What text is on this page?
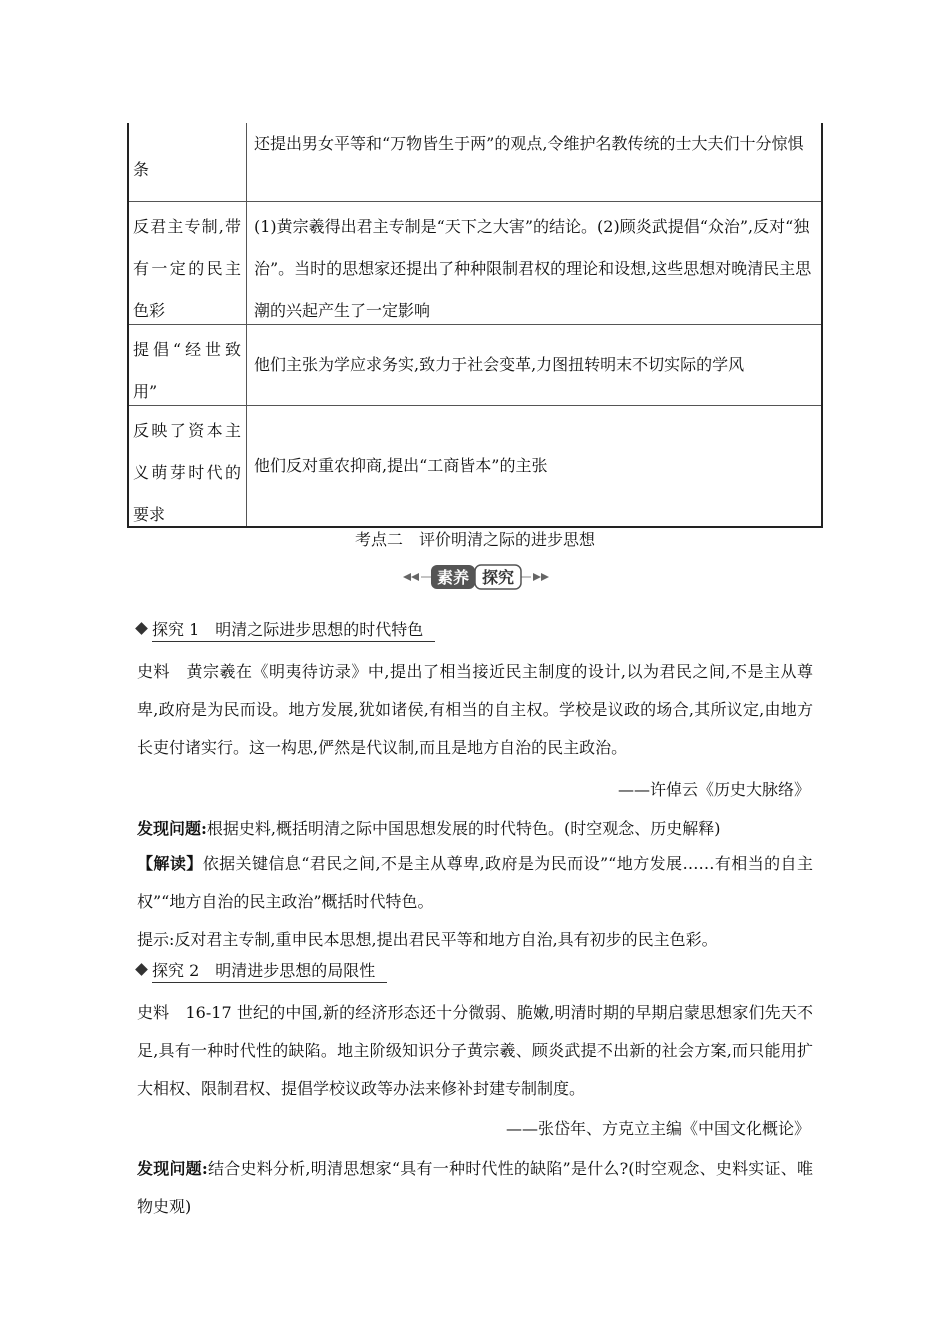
条
还提出男女平等和“万物皆生于两”的观点,令维护名教传统的士大夫们十分惊惧
反君主专制,带
有一定的民主
色彩
(1)黄宗羲得出君主专制是“天下之大害”的结论。(2)顾炎武提倡“众治”,反对“独治”。当时的思想家还提出了种种限制君权的理论和设想,这些思想对晚清民主思潮的兴起产生了一定影响
提倡“经世致
用”
他们主张为学应求务实,致力于社会变革,力图扭转明末不切实际的学风
反映了资本主
义萌芽时代的
要求
他们反对重农抑商,提出“工商皆本”的主张
考点二　评价明清之际的进步思想
素养 探究
探究 1　明清之际进步思想的时代特色
史料　黄宗羲在《明夷待访录》中,提出了相当接近民主制度的设计,以为君民之间,不是主从尊卑,政府是为民而设。地方发展,犹如诸侯,有相当的自主权。学校是议政的场合,其所议定,由地方长吏付诸实行。这一构思,俨然是代议制,而且是地方自治的民主政治。
——许倬云《历史大脉络》
发现问题:根据史料,概括明清之际中国思想发展的时代特色。(时空观念、历史解释)
【解读】依据关键信息“君民之间,不是主从尊卑,政府是为民而设”“地方发展……有相当的自主权”“地方自治的民主政治”概括时代特色。
提示:反对君主专制,重申民本思想,提出君民平等和地方自治,具有初步的民主色彩。
探究 2　明清进步思想的局限性
史料　16-17 世纪的中国,新的经济形态还十分微弱、脆嫩,明清时期的早期启蒙思想家们先天不足,具有一种时代性的缺陷。地主阶级知识分子黄宗羲、顾炎武提不出新的社会方案,而只能用扩大相权、限制君权、提倡学校议政等办法来修补封建专制制度。
——张岱年、方克立主编《中国文化概论》
发现问题:结合史料分析,明清思想家“具有一种时代性的缺陷”是什么?(时空观念、史料实证、唯物史观)
